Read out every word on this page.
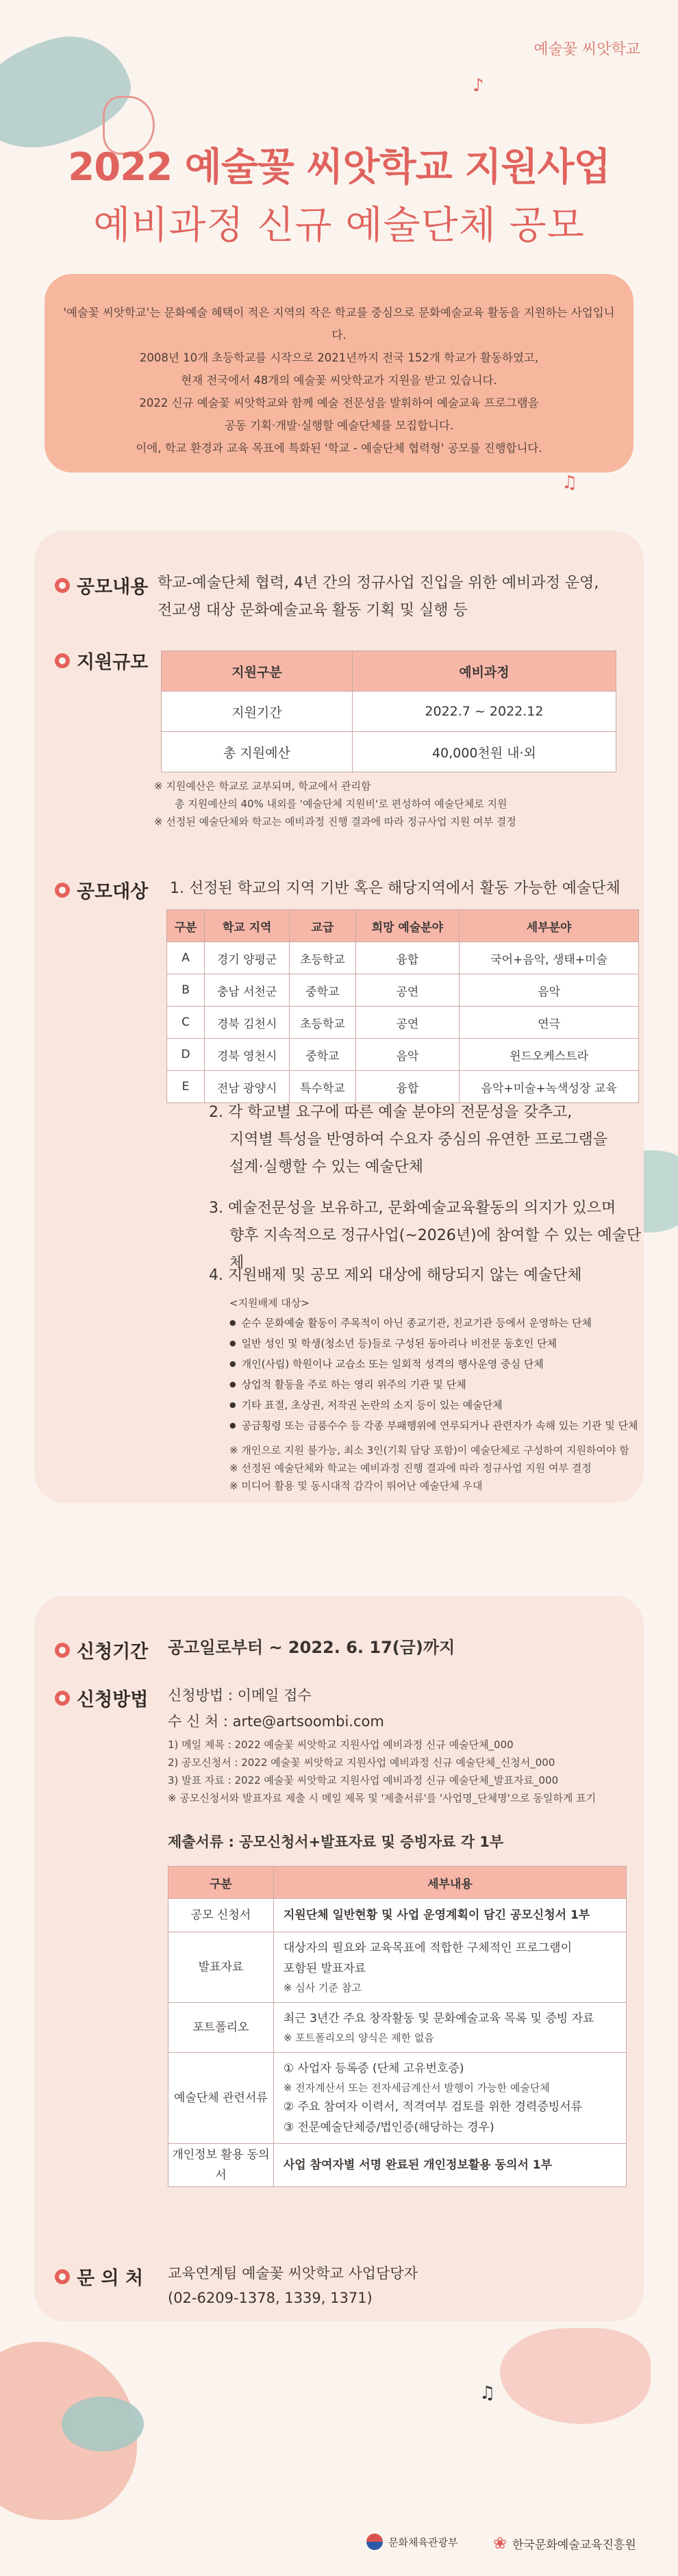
♪
♫
♫
예술꽃 씨앗학교
2022 예술꽃 씨앗학교 지원사업
예비과정 신규 예술단체 공모

'예술꽃 씨앗학교'는 문화예술 혜택이 적은 지역의 작은 학교를 중심으로 문화예술교육 활동을 지원하는 사업입니다.

2008년 10개 초등학교를 시작으로 2021년까지 전국 152개 학교가 활동하였고,

현재 전국에서 48개의 예술꽃 씨앗학교가 지원을 받고 있습니다.

2022 신규 예술꽃 씨앗학교와 함께 예술 전문성을 발휘하여 예술교육 프로그램을

공동 기획·개발·실행할 예술단체를 모집합니다.

이에, 학교 환경과 교육 목표에 특화된 '학교 - 예술단체 협력형' 공모를 진행합니다.

공모내용 학교-예술단체 협력, 4년 간의 정규사업 진입을 위한 예비과정 운영,
전교생 대상 문화예술교육 활동 기획 및 실행 등
지원규모	지원구분	예비과정
지원기간	2022.7 ~ 2022.12
총 지원예산	40,000천원 내·외
※ 지원예산은 학교로 교부되며, 학교에서 관리함
총 지원예산의 40% 내외를 '예술단체 지원비'로 편성하여 예술단체로 지원
※ 선정된 예술단체와 학교는 예비과정 진행 결과에 따라 정규사업 지원 여부 결정
공모대상 1. 선정된 학교의 지역 기반 혹은 해당지역에서 활동 가능한 예술단체
구분	학교 지역	교급	희망 예술분야	세부분야
A	경기 양평군	초등학교	융합	국어+음악, 생태+미술
B	충남 서천군	중학교	공연	음악
C	경북 김천시	초등학교	공연	연극
D	경북 영천시	중학교	음악	윈드오케스트라
E	전남 광양시	특수학교	융합	음악+미술+녹색성장 교육
2. 각 학교별 요구에 따른 예술 분야의 전문성을 갖추고,
지역별 특성을 반영하여 수요자 중심의 유연한 프로그램을
설계·실행할 수 있는 예술단체
3. 예술전문성을 보유하고, 문화예술교육활동의 의지가 있으며
향후 지속적으로 정규사업(~2026년)에 참여할 수 있는 예술단체
4. 지원배제 및 공모 제외 대상에 해당되지 않는 예술단체
<지원배제 대상>
● 순수 문화예술 활동이 주목적이 아닌 종교기관, 친교기관 등에서 운영하는 단체
● 일반 성인 및 학생(청소년 등)들로 구성된 동아리나 비전문 동호인 단체
● 개인(사립) 학원이나 교습소 또는 일회적 성격의 행사운영 중심 단체
● 상업적 활동을 주로 하는 영리 위주의 기관 및 단체
● 기타 표절, 초상권, 저작권 논란의 소지 등이 있는 예술단체
● 공금횡령 또는 금품수수 등 각종 부패행위에 연루되거나 관련자가 속해 있는 기관 및 단체
※ 개인으로 지원 불가능, 최소 3인(기획 담당 포함)이 예술단체로 구성하여 지원하여야 함
※ 선정된 예술단체와 학교는 예비과정 진행 결과에 따라 정규사업 지원 여부 결정
※ 미디어 활용 및 동시대적 감각이 뛰어난 예술단체 우대
신청기간 공고일로부터 ~ 2022. 6. 17(금)까지
신청방법 신청방법 : 이메일 접수
수 신 처 : arte@artsoombi.com
1) 메일 제목 : 2022 예술꽃 씨앗학교 지원사업 예비과정 신규 예술단체_000
2) 공모신청서 : 2022 예술꽃 씨앗학교 지원사업 예비과정 신규 예술단체_신청서_000
3) 발표 자료 : 2022 예술꽃 씨앗학교 지원사업 예비과정 신규 예술단체_발표자료_000
※ 공모신청서와 발표자료 제출 시 메일 제목 및 '제출서류'를 '사업명_단체명'으로 동일하게 표기
제출서류 : 공모신청서+발표자료 및 증빙자료 각 1부
구분	세부내용
공모 신청서	지원단체 일반현황 및 사업 운영계획이 담긴 공모신청서 1부
발표자료	대상자의 필요와 교육목표에 적합한 구체적인 프로그램이
포함된 발표자료
※ 심사 기준 참고

포트폴리오	최근 3년간 주요 창작활동 및 문화예술교육 목록 및 증빙 자료
※ 포트폴리오의 양식은 제한 없음

예술단체 관련서류	① 사업자 등록증 (단체 고유번호증)
※ 전자계산서 또는 전자세금계산서 발행이 가능한 예술단체
② 주요 참여자 이력서, 적격여부 검토를 위한 경력증빙서류
③ 전문예술단체증/법인증(해당하는 경우)

개인정보 활용 동의서	사업 참여자별 서명 완료된 개인정보활용 동의서 1부
문 의 처 교육연계팀 예술꽃 씨앗학교 사업담당자
(02-6209-1378, 1339, 1371)
문화체육관광부 ❀ 한국문화예술교육진흥원
